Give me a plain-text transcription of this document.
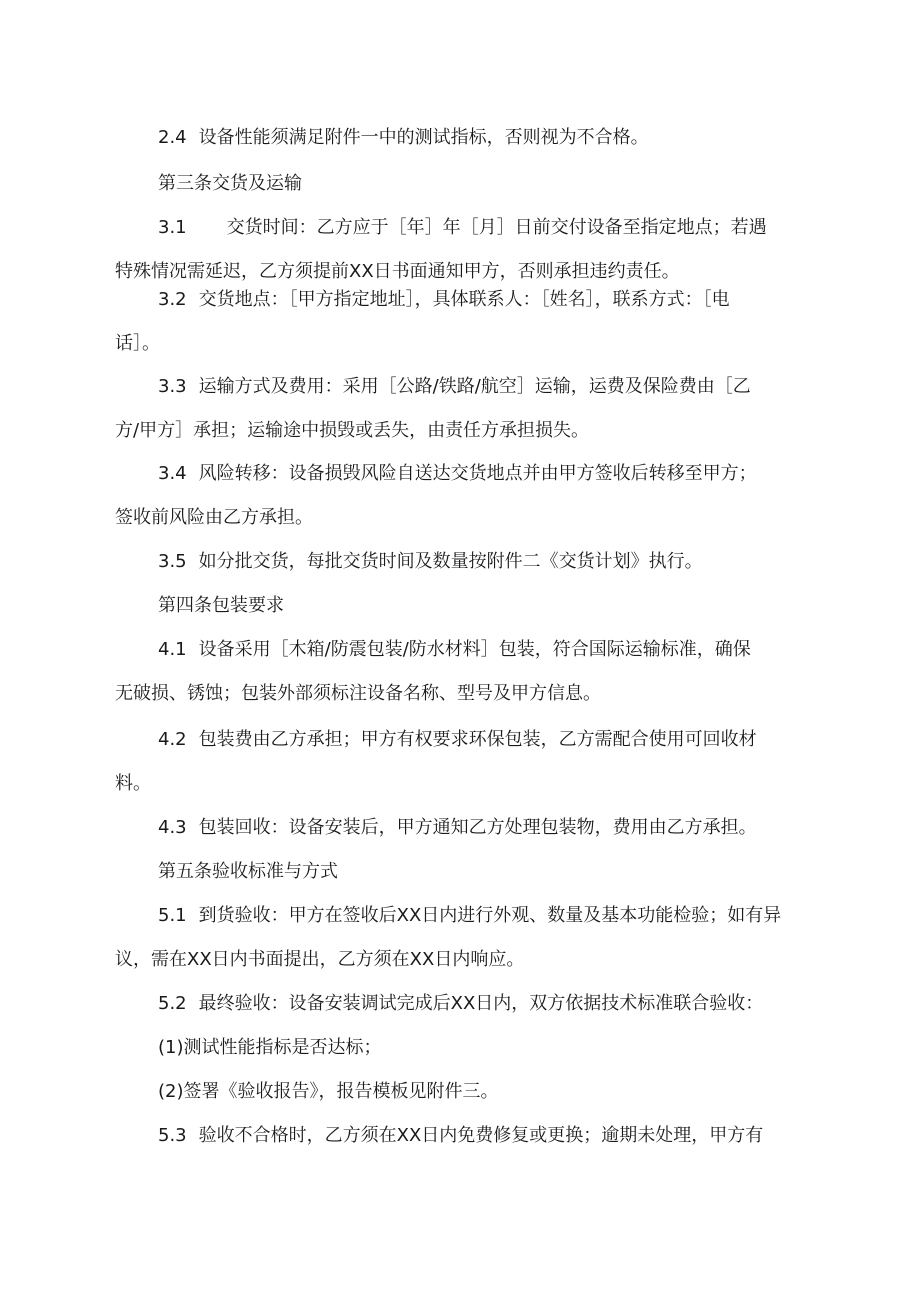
2.4 设备性能须满足附件一中的测试指标，否则视为不合格。

第三条交货及运输

3.1 交货时间：乙方应于［年］年［月］日前交付设备至指定地点；若遇
特殊情况需延迟，乙方须提前XX日书面通知甲方，否则承担违约责任。

3.2 交货地点：［甲方指定地址］，具体联系人：［姓名］，联系方式：［电
话］。

3.3 运输方式及费用：采用［公路/铁路/航空］运输，运费及保险费由［乙
方/甲方］承担；运输途中损毁或丢失，由责任方承担损失。

3.4 风险转移：设备损毁风险自送达交货地点并由甲方签收后转移至甲方；
签收前风险由乙方承担。

3.5 如分批交货，每批交货时间及数量按附件二《交货计划》执行。

第四条包装要求

4.1 设备采用［木箱/防震包装/防水材料］包装，符合国际运输标准，确保
无破损、锈蚀；包装外部须标注设备名称、型号及甲方信息。

4.2 包装费由乙方承担；甲方有权要求环保包装，乙方需配合使用可回收材
料。

4.3 包装回收：设备安装后，甲方通知乙方处理包装物，费用由乙方承担。

第五条验收标准与方式

5.1 到货验收：甲方在签收后XX日内进行外观、数量及基本功能检验；如有异
议，需在XX日内书面提出，乙方须在XX日内响应。

5.2 最终验收：设备安装调试完成后XX日内，双方依据技术标准联合验收：

(1)测试性能指标是否达标；

(2)签署《验收报告》，报告模板见附件三。

5.3 验收不合格时，乙方须在XX日内免费修复或更换；逾期未处理，甲方有
